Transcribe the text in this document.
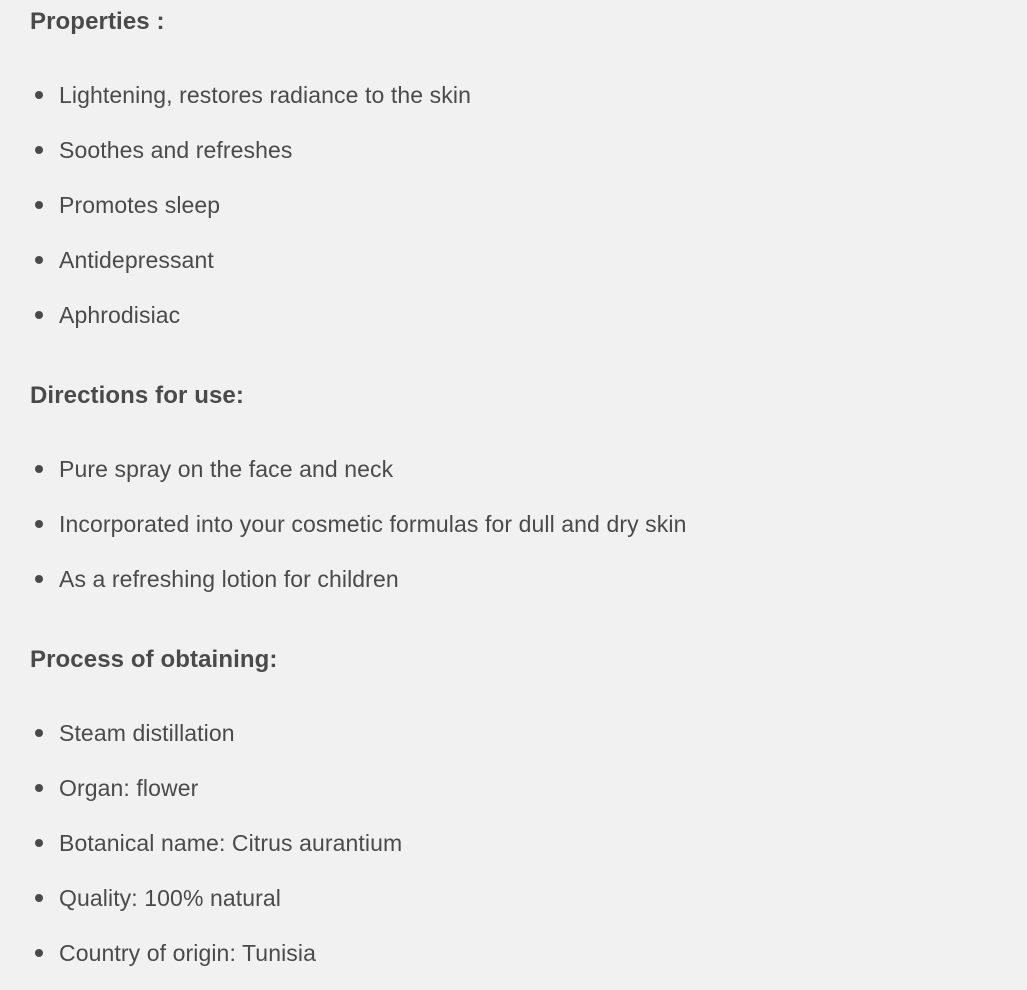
Properties :
Lightening, restores radiance to the skin
Soothes and refreshes
Promotes sleep
Antidepressant
Aphrodisiac
Directions for use:
Pure spray on the face and neck
Incorporated into your cosmetic formulas for dull and dry skin
As a refreshing lotion for children
Process of obtaining:
Steam distillation
Organ: flower
Botanical name: Citrus aurantium
Quality: 100% natural
Country of origin: Tunisia
